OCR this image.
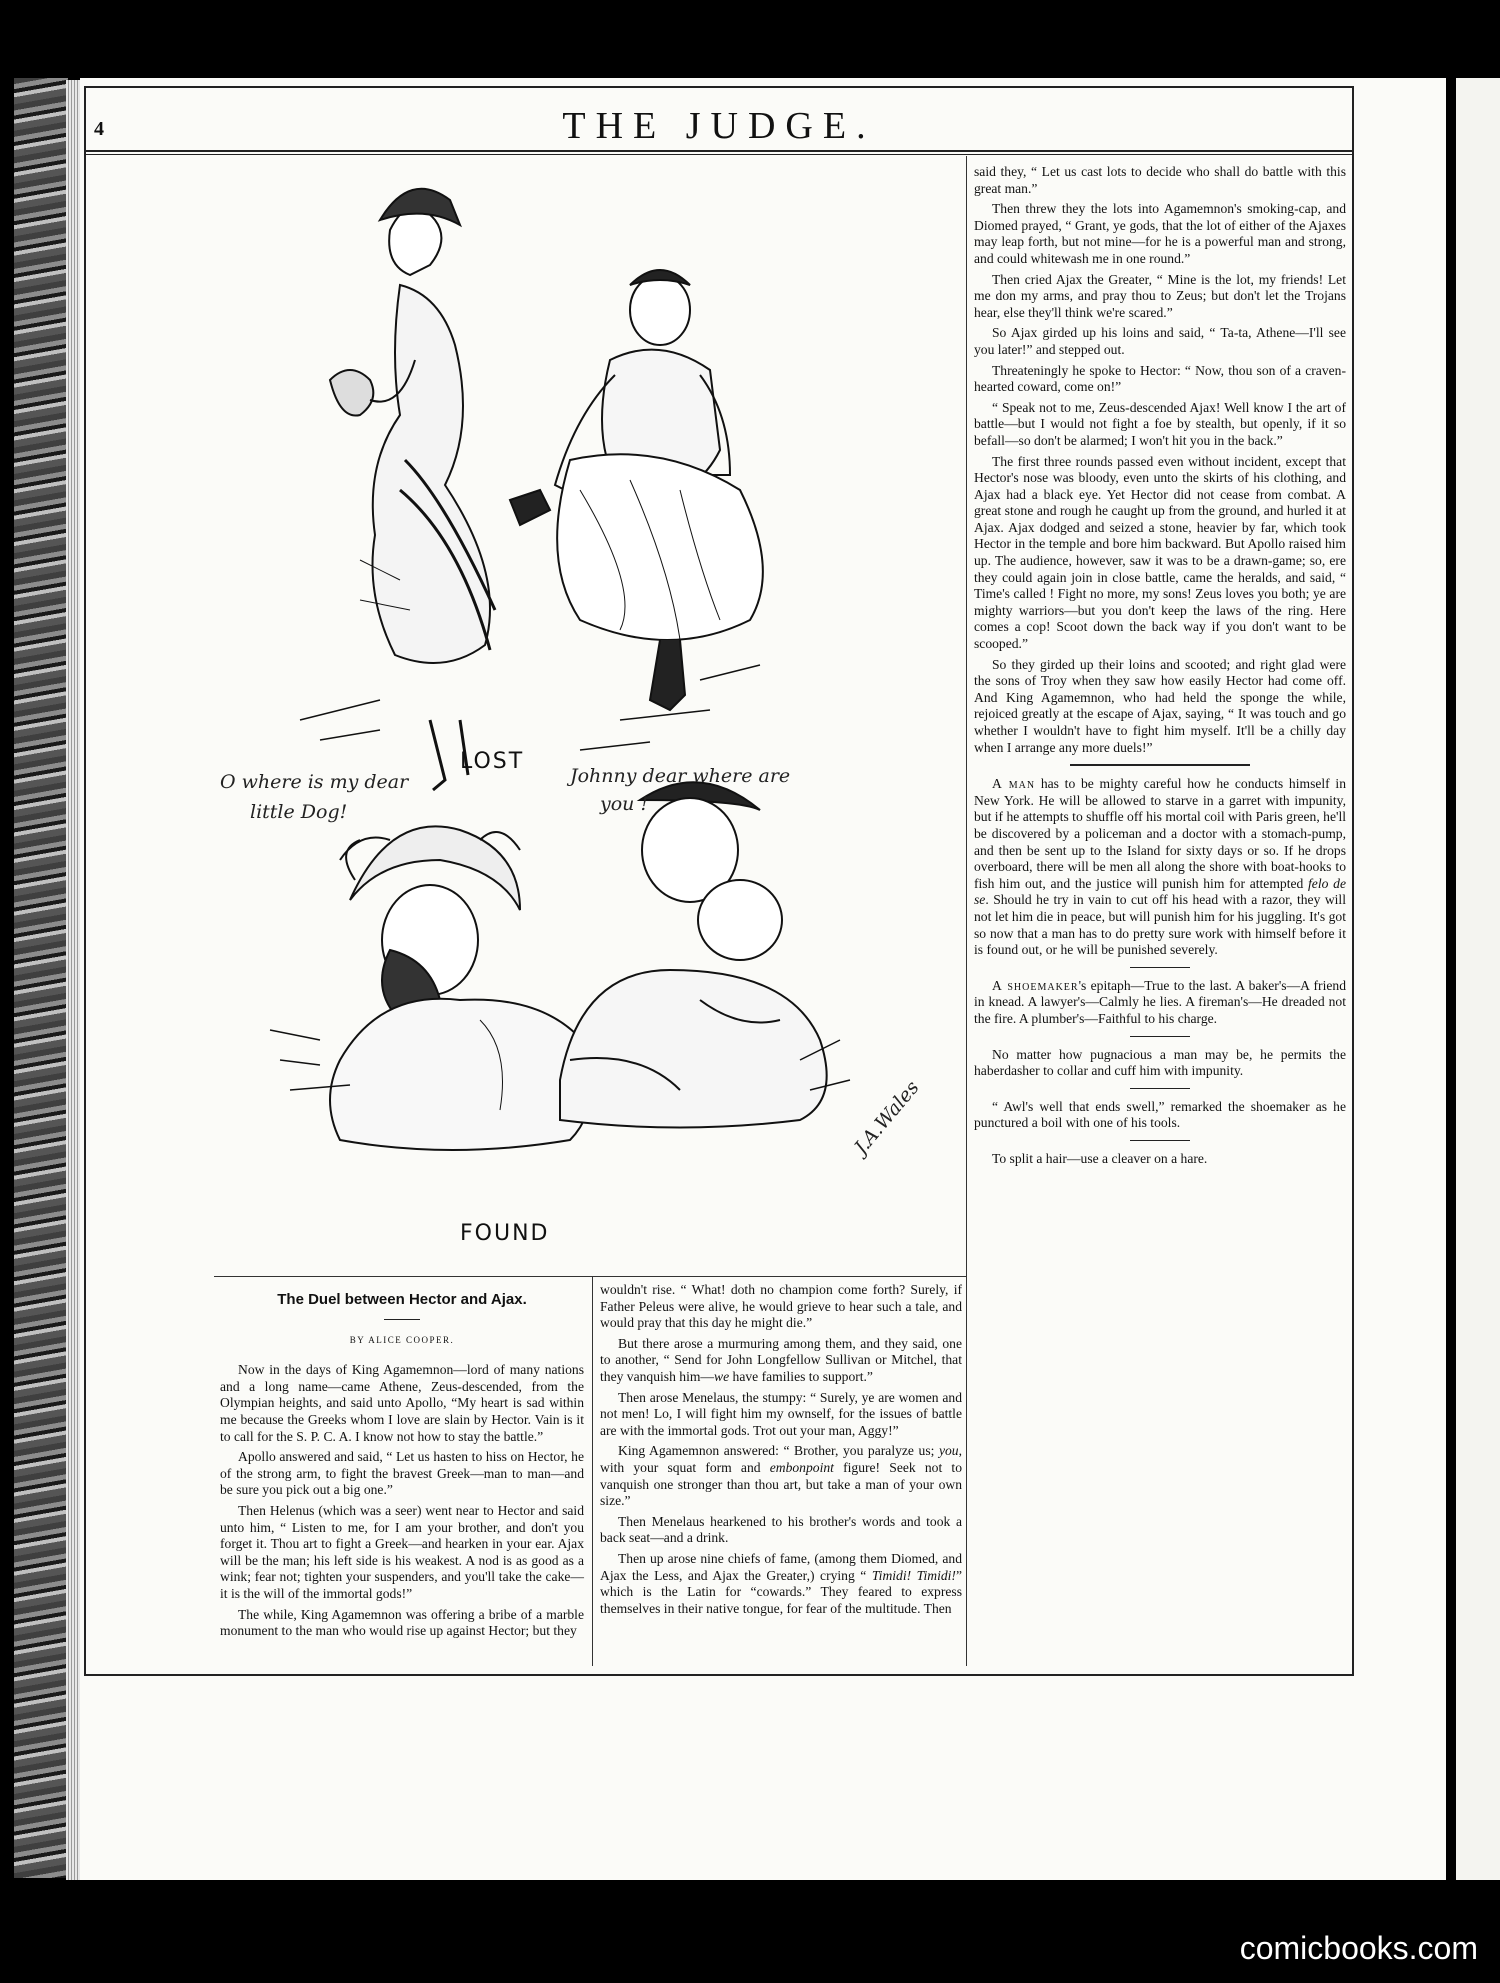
4	THE JUDGE.
LOST
O where is my dear
little Dog!
Johnny dear where are
you !
FOUND
J.A.Wales
The Duel between Hector and Ajax.
BY ALICE COOPER.

Now in the days of King Agamemnon—lord of many nations and a long name—came Athene, Zeus-descended, from the Olympian heights, and said unto Apollo, “My heart is sad within me because the Greeks whom I love are slain by Hector. Vain is it to call for the S. P. C. A. I know not how to stay the battle.”

Apollo answered and said, “ Let us hasten to hiss on Hector, he of the strong arm, to fight the bravest Greek—man to man—and be sure you pick out a big one.”

Then Helenus (which was a seer) went near to Hector and said unto him, “ Listen to me, for I am your brother, and don't you forget it. Thou art to fight a Greek—and hearken in your ear. Ajax will be the man; his left side is his weakest. A nod is as good as a wink; fear not; tighten your suspenders, and you'll take the cake—it is the will of the immortal gods!”

The while, King Agamemnon was offering a bribe of a marble monument to the man who would rise up against Hector; but they

wouldn't rise. “ What! doth no champion come forth? Surely, if Father Peleus were alive, he would grieve to hear such a tale, and would pray that this day he might die.”

But there arose a murmuring among them, and they said, one to another, “ Send for John Longfellow Sullivan or Mitchel, that they vanquish him—we have families to support.”

Then arose Menelaus, the stumpy: “ Surely, ye are women and not men! Lo, I will fight him my ownself, for the issues of battle are with the immortal gods. Trot out your man, Aggy!”

King Agamemnon answered: “ Brother, you paralyze us; you, with your squat form and embonpoint figure! Seek not to vanquish one stronger than thou art, but take a man of your own size.”

Then Menelaus hearkened to his brother's words and took a back seat—and a drink.

Then up arose nine chiefs of fame, (among them Diomed, and Ajax the Less, and Ajax the Greater,) crying “ Timidi! Timidi!” which is the Latin for “cowards.” They feared to express themselves in their native tongue, for fear of the multitude. Then

said they, “ Let us cast lots to decide who shall do battle with this great man.”

Then threw they the lots into Agamemnon's smoking-cap, and Diomed prayed, “ Grant, ye gods, that the lot of either of the Ajaxes may leap forth, but not mine—for he is a powerful man and strong, and could whitewash me in one round.”

Then cried Ajax the Greater, “ Mine is the lot, my friends! Let me don my arms, and pray thou to Zeus; but don't let the Trojans hear, else they'll think we're scared.”

So Ajax girded up his loins and said, “ Ta-ta, Athene—I'll see you later!” and stepped out.

Threateningly he spoke to Hector: “ Now, thou son of a craven-hearted coward, come on!”

“ Speak not to me, Zeus-descended Ajax! Well know I the art of battle—but I would not fight a foe by stealth, but openly, if it so befall—so don't be alarmed; I won't hit you in the back.”

The first three rounds passed even without incident, except that Hector's nose was bloody, even unto the skirts of his clothing, and Ajax had a black eye. Yet Hector did not cease from combat. A great stone and rough he caught up from the ground, and hurled it at Ajax. Ajax dodged and seized a stone, heavier by far, which took Hector in the temple and bore him backward. But Apollo raised him up. The audience, however, saw it was to be a drawn-game; so, ere they could again join in close battle, came the heralds, and said, “ Time's called ! Fight no more, my sons! Zeus loves you both; ye are mighty warriors—but you don't keep the laws of the ring. Here comes a cop! Scoot down the back way if you don't want to be scooped.”

So they girded up their loins and scooted; and right glad were the sons of Troy when they saw how easily Hector had come off. And King Agamemnon, who had held the sponge the while, rejoiced greatly at the escape of Ajax, saying, “ It was touch and go whether I wouldn't have to fight him myself. It'll be a chilly day when I arrange any more duels!”

A man has to be mighty careful how he conducts himself in New York. He will be allowed to starve in a garret with impunity, but if he attempts to shuffle off his mortal coil with Paris green, he'll be discovered by a policeman and a doctor with a stomach-pump, and then be sent up to the Island for sixty days or so. If he drops overboard, there will be men all along the shore with boat-hooks to fish him out, and the justice will punish him for attempted felo de se. Should he try in vain to cut off his head with a razor, they will not let him die in peace, but will punish him for his juggling. It's got so now that a man has to do pretty sure work with himself before it is found out, or he will be punished severely.

A shoemaker's epitaph—True to the last. A baker's—A friend in knead. A lawyer's—Calmly he lies. A fireman's—He dreaded not the fire. A plumber's—Faithful to his charge.

No matter how pugnacious a man may be, he permits the haberdasher to collar and cuff him with impunity.

“ Awl's well that ends swell,” remarked the shoemaker as he punctured a boil with one of his tools.

To split a hair—use a cleaver on a hare.

comicbooks.com
